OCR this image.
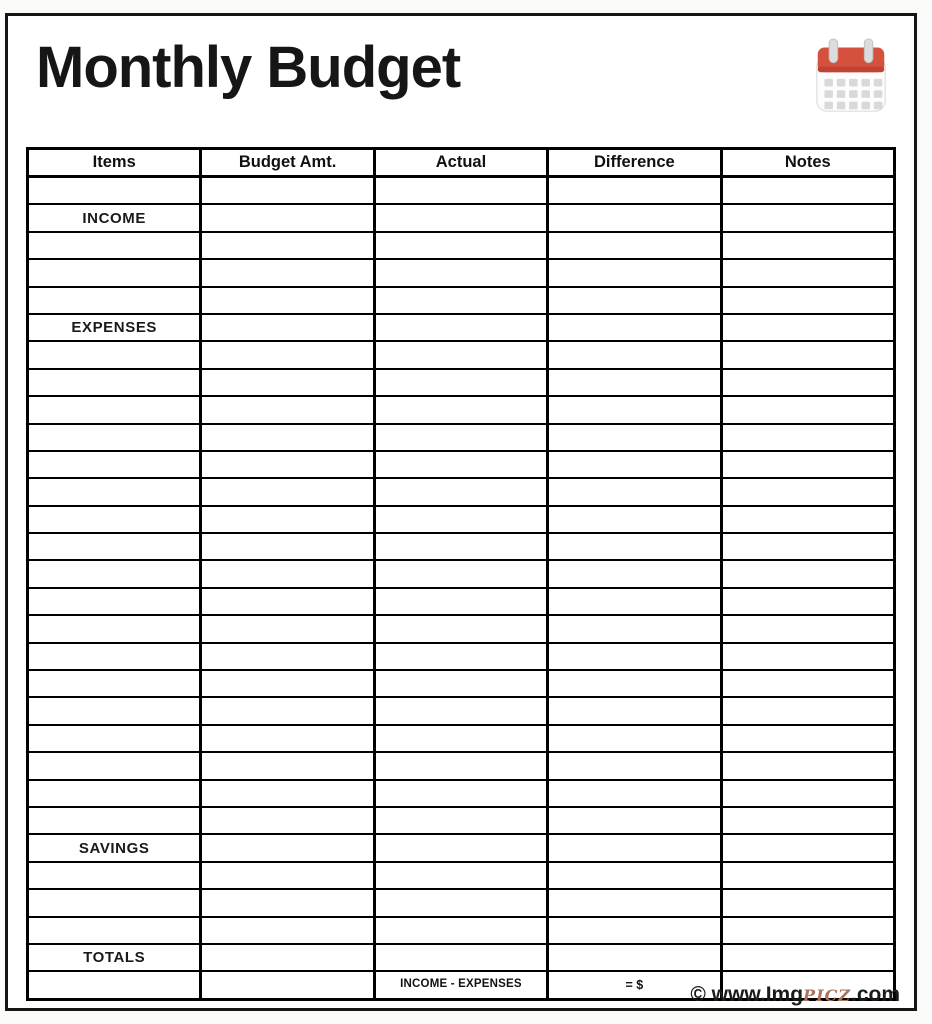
Monthly Budget
Items	Budget Amt.	Actual	Difference	Notes

INCOME				

EXPENSES				

SAVINGS				

TOTALS				
		INCOME - EXPENSES	= $	© www.ImgPICZ.com
